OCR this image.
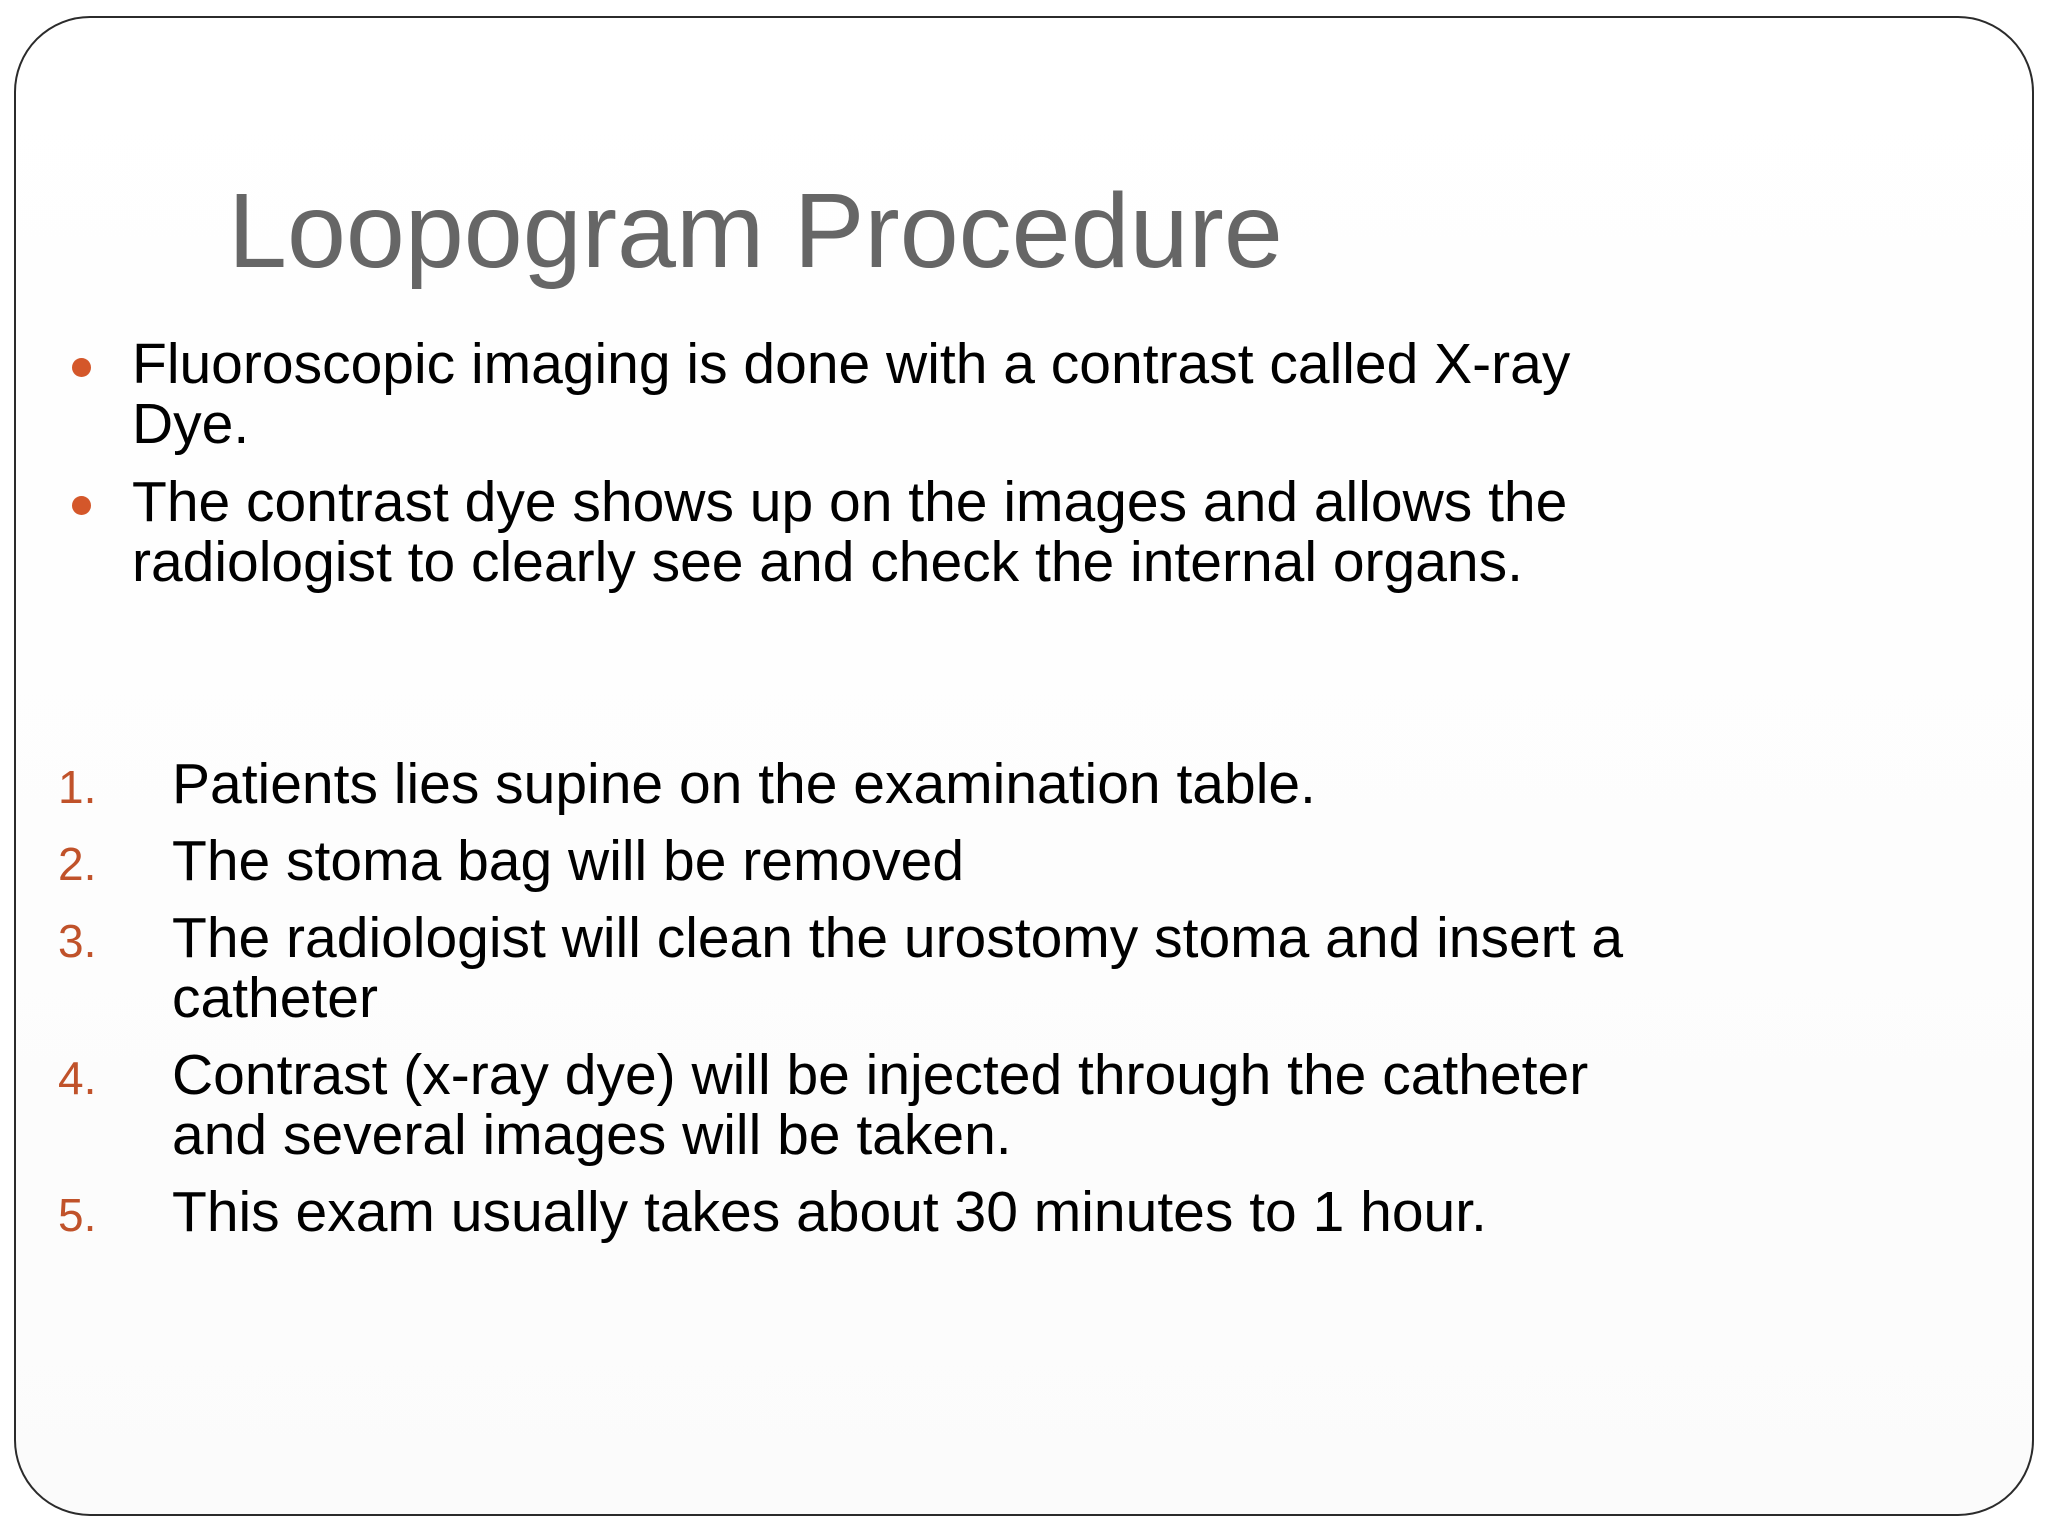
Loopogram Procedure
Fluoroscopic imaging is done with a contrast called X-ray Dye.
The contrast dye shows up on the images and allows the radiologist to clearly see and check the internal organs.
1. Patients lies supine on the examination table.
2. The stoma bag will be removed
3. The radiologist will clean the urostomy stoma and insert a catheter
4. Contrast (x-ray dye) will be injected through the catheter and several images will be taken.
5. This exam usually takes about 30 minutes to 1 hour.
